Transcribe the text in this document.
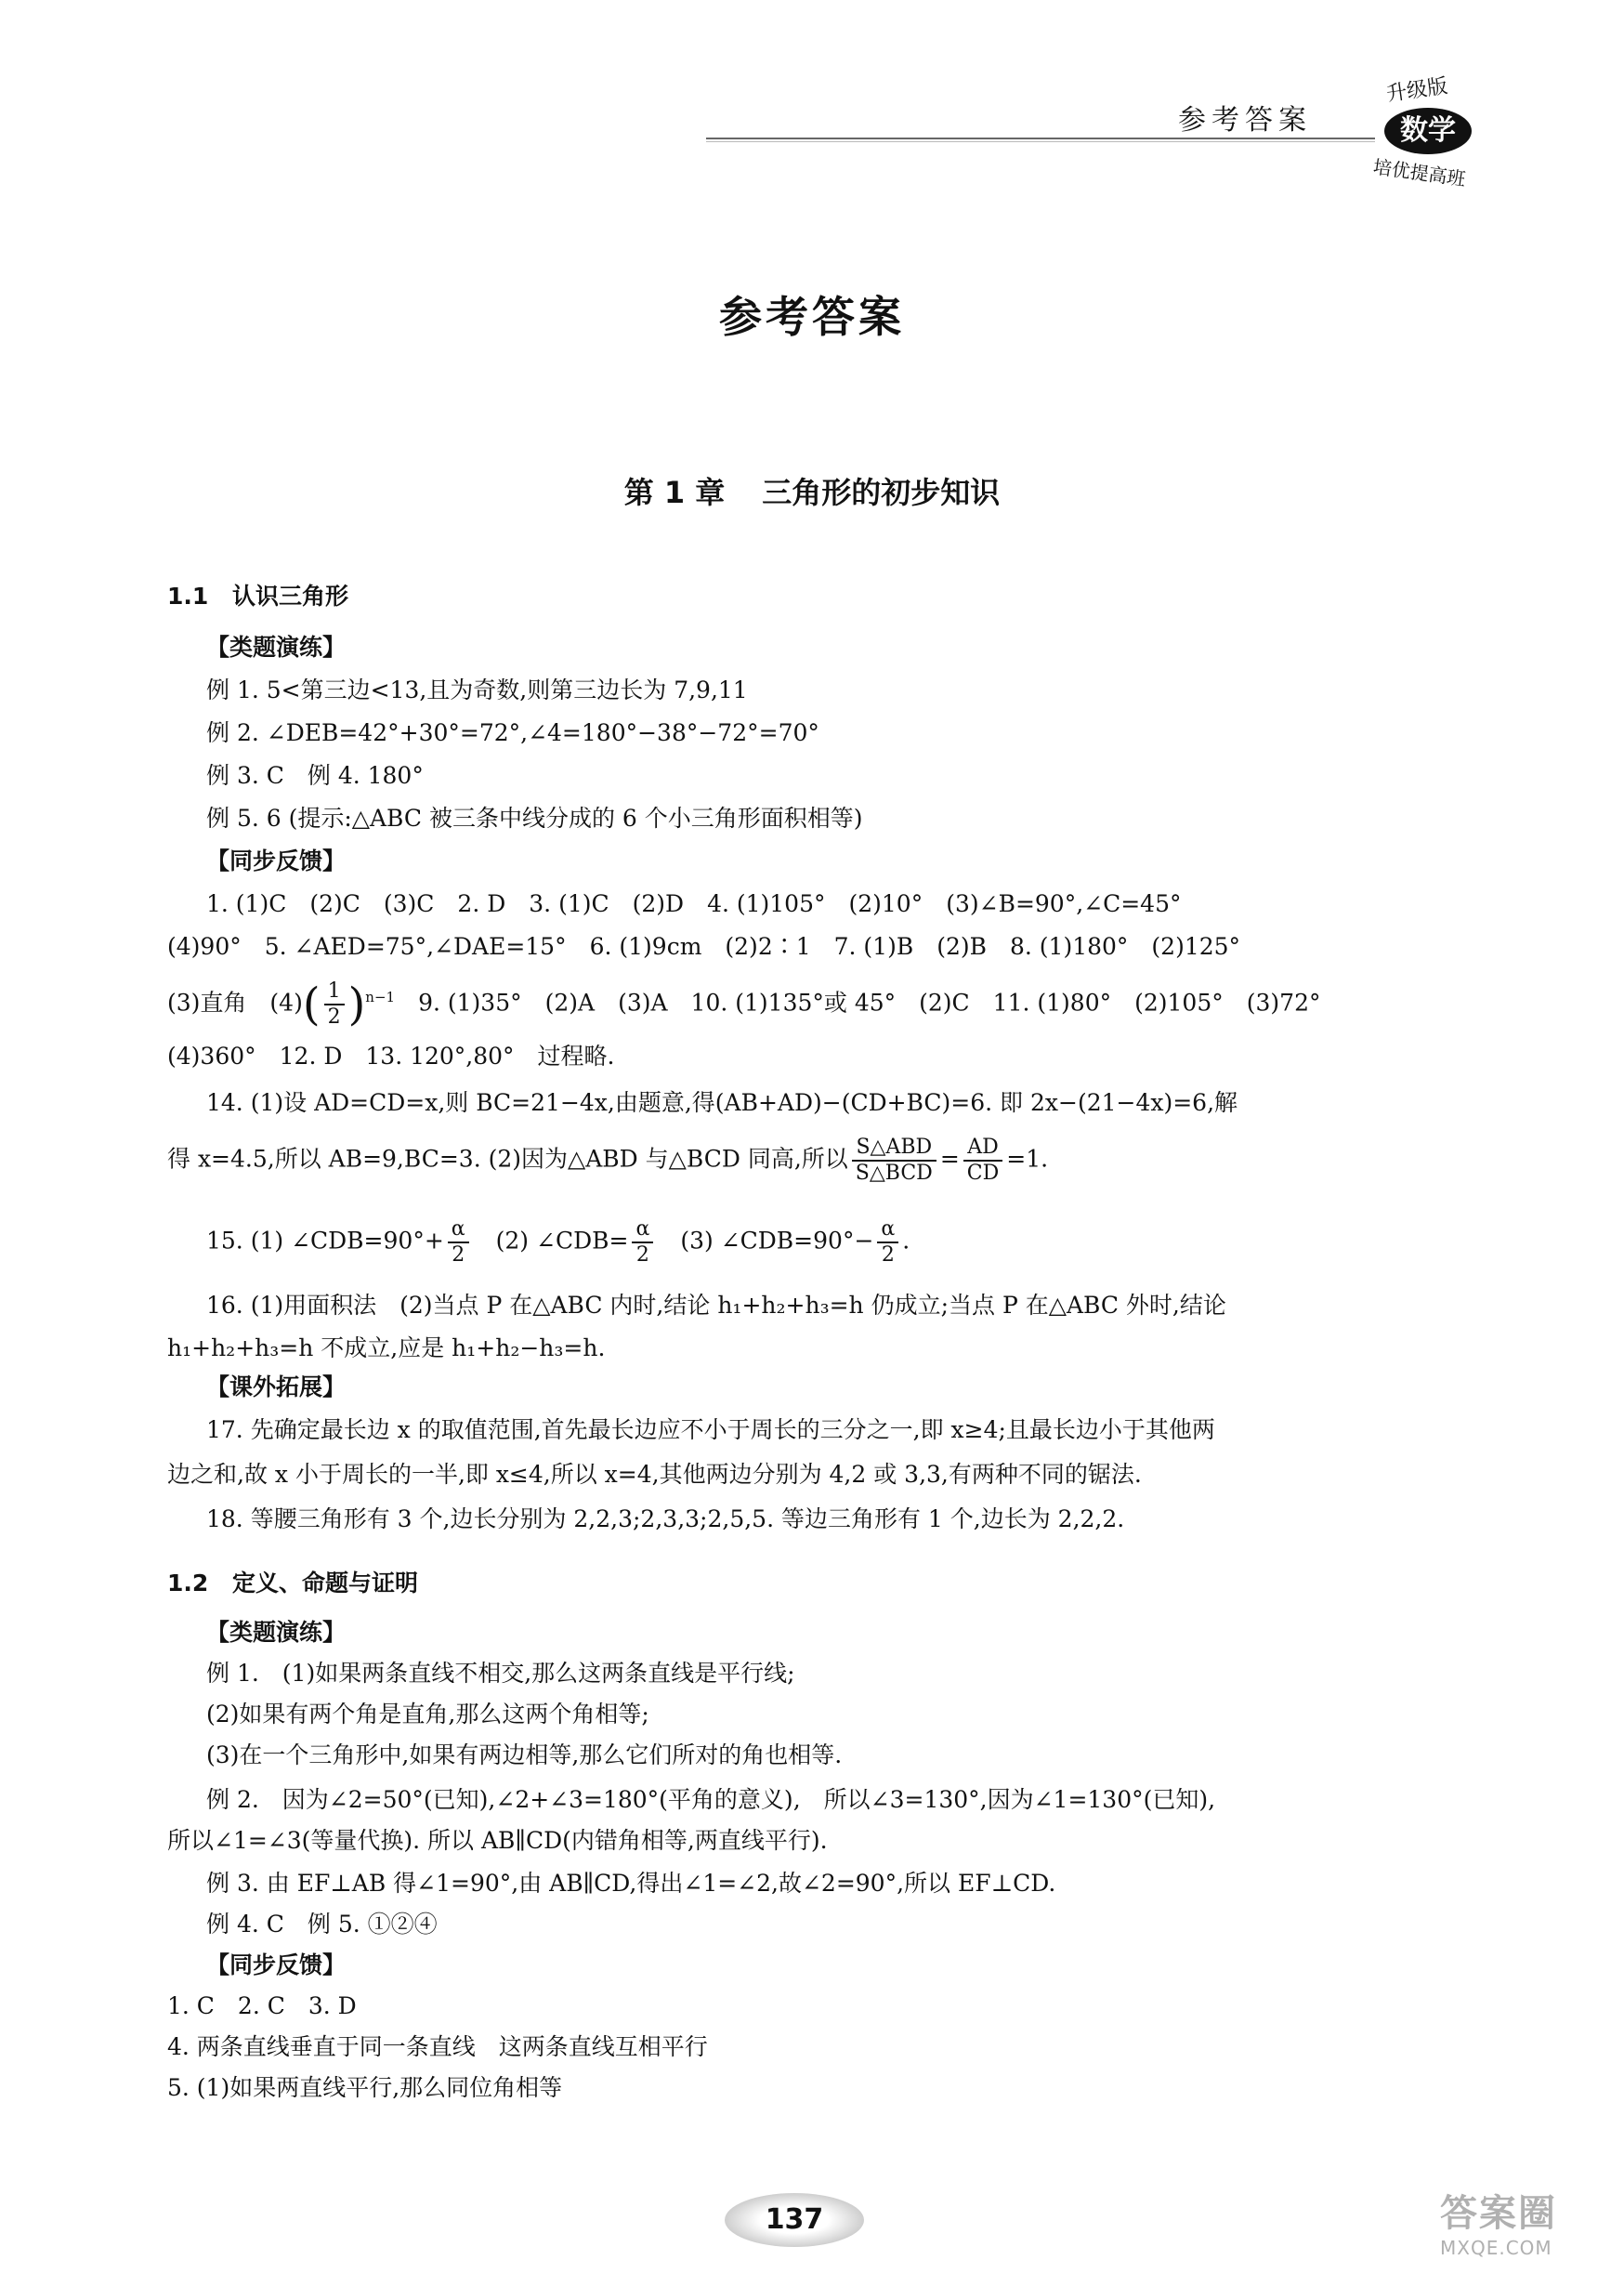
参考答案
升级版
数学
培优提高班
参考答案
第 1 章 三角形的初步知识
1.1 认识三角形
【类题演练】
例 1. 5<第三边<13,且为奇数,则第三边长为 7,9,11
例 2. ∠DEB=42°+30°=72°,∠4=180°−38°−72°=70°
例 3. C　例 4. 180°
例 5. 6 (提示:△ABC 被三条中线分成的 6 个小三角形面积相等)
【同步反馈】
1. (1)C　(2)C　(3)C　2. D　3. (1)C　(2)D　4. (1)105°　(2)10°　(3)∠B=90°,∠C=45°
(4)90°　5. ∠AED=75°,∠DAE=15°　6. (1)9cm　(2)2∶1　7. (1)B　(2)B　8. (1)180°　(2)125°
(3)直角　$(4)( \frac{1}{2} )^{n-1}$　 9. (1)35°　(2)A　(3)A　10. (1)135°或 45°　(2)C　11. (1)80°　(2)105°　(3)72°
(4)360°　12. D　13. 120°,80°　过程略.
14. (1)设 AD=CD=x,则 BC=21−4x,由题意,得(AB+AD)−(CD+BC)=6. 即 2x−(21−4x)=6,解
得 x=4.5,所以 AB=9,BC=3. (2)因为△ABD 与△BCD 同高,所以 $\frac{\text{S△ABD}}{\text{S△BCD}} = \frac{AD}{CD} =1$.
15. (1) ∠CDB=90°+ $\frac{\alpha}{2}$
　 (2) ∠CDB= $\frac{\alpha}{2}$
　 (3) ∠CDB=90°− $\frac{\alpha}{2}$ .
16. (1)用面积法　(2)当点 P 在△ABC 内时,结论 h₁+h₂+h₃=h 仍成立;当点 P 在△ABC 外时,结论
h₁+h₂+h₃=h 不成立,应是 h₁+h₂−h₃=h.
【课外拓展】
17. 先确定最长边 x 的取值范围,首先最长边应不小于周长的三分之一,即 x≥4;且最长边小于其他两
边之和,故 x 小于周长的一半,即 x≤4,所以 x=4,其他两边分别为 4,2 或 3,3,有两种不同的锯法.
18. 等腰三角形有 3 个,边长分别为 2,2,3;2,3,3;2,5,5. 等边三角形有 1 个,边长为 2,2,2.
1.2 定义、命题与证明
【类题演练】
例 1.　(1)如果两条直线不相交,那么这两条直线是平行线;
(2)如果有两个角是直角,那么这两个角相等;
(3)在一个三角形中,如果有两边相等,那么它们所对的角也相等.
例 2.　因为∠2=50°(已知),∠2+∠3=180°(平角的意义),　所以∠3=130°,因为∠1=130°(已知),
所以∠1=∠3(等量代换). 所以 AB∥CD(内错角相等,两直线平行).
例 3. 由 EF⊥AB 得∠1=90°,由 AB∥CD,得出∠1=∠2,故∠2=90°,所以 EF⊥CD.
例 4. C　例 5. ①②④
【同步反馈】
1. C　2. C　3. D
4. 两条直线垂直于同一条直线　这两条直线互相平行
5. (1)如果两直线平行,那么同位角相等
137	答案圈
MXQE.COM
